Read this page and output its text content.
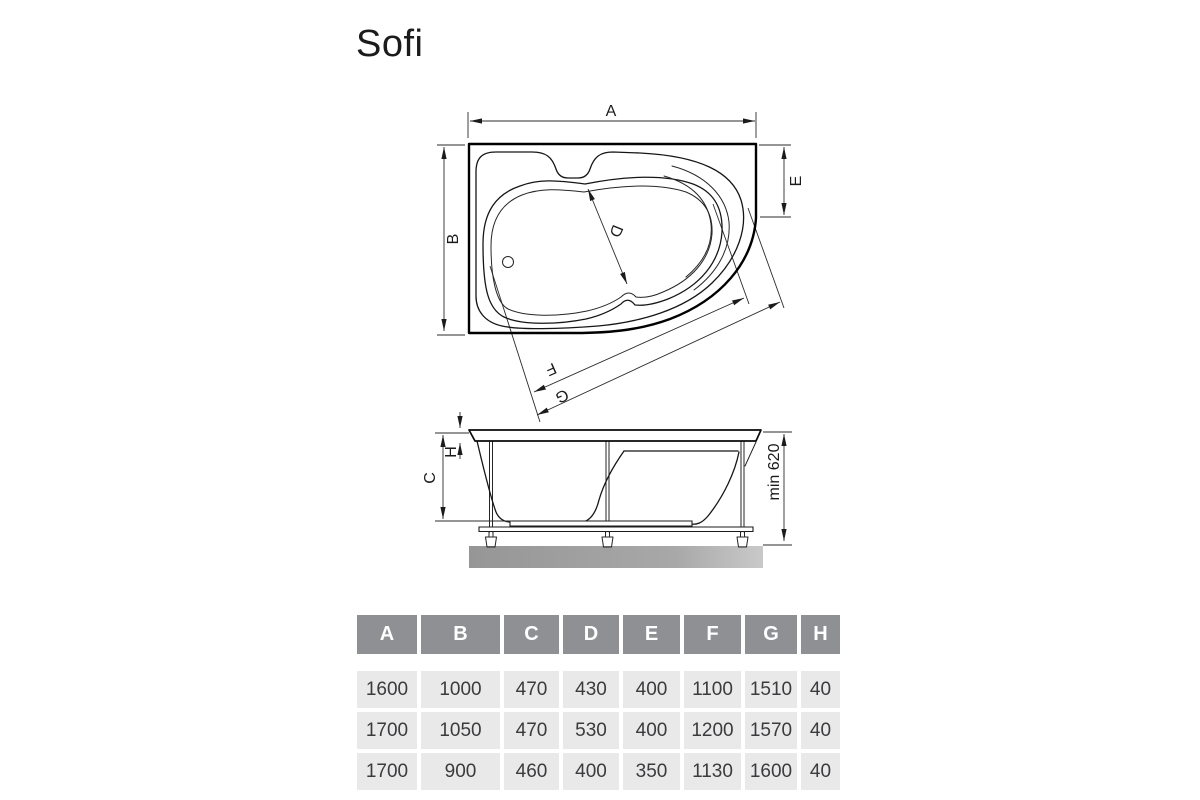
Sofi
A
B
E
D
F
G
C
H	min 620
A	B	C	D	E	F	G	H
1600	1000	470	430	400	1100 1510 40
1700	1050	470	530	400	1200 1570 40
1700	900	460	400	350	1130 1600 40
